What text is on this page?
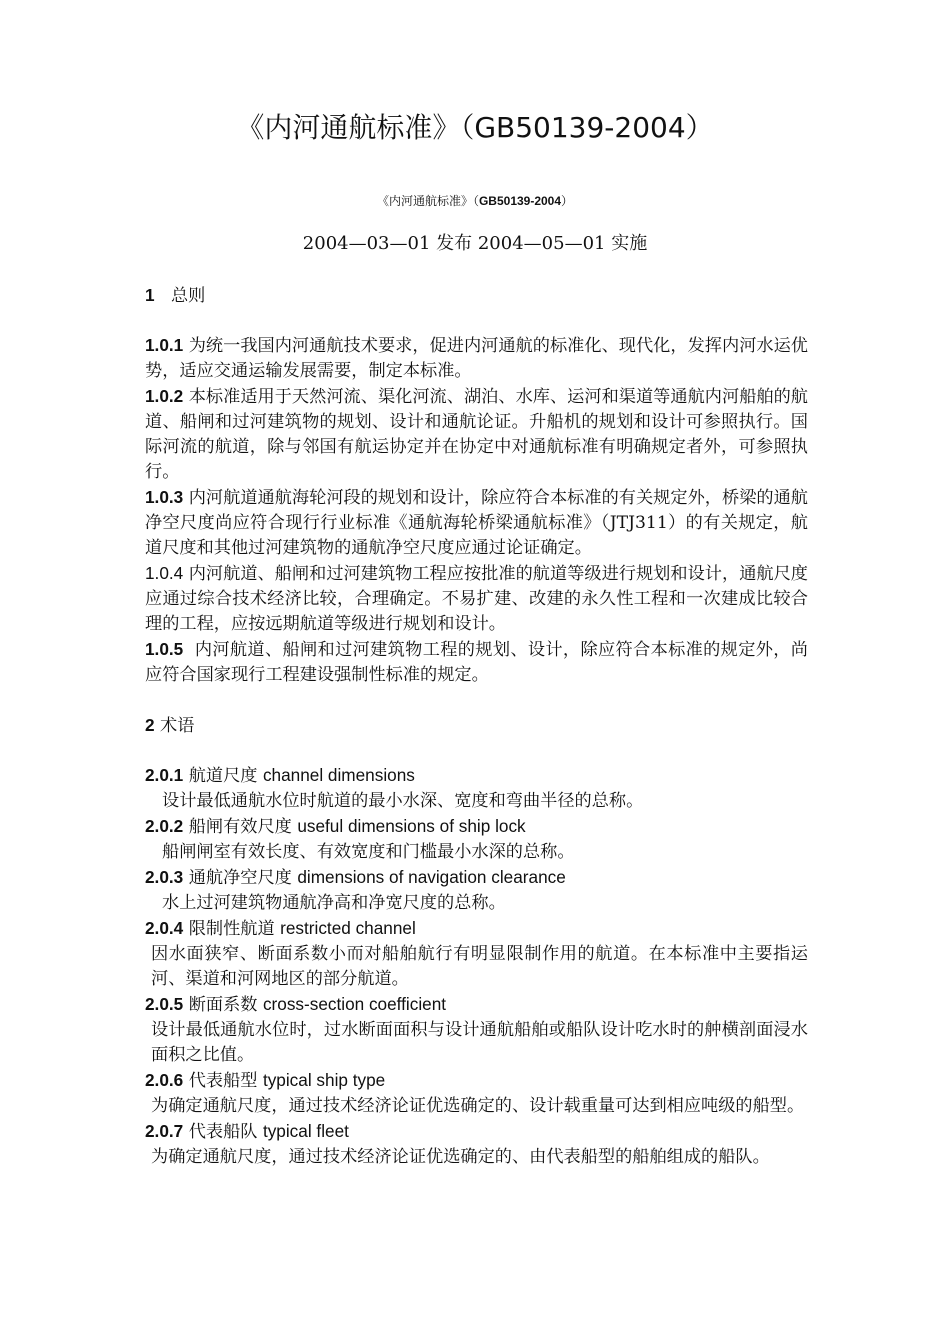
《内河通航标准》（GB50139-2004）
《内河通航标准》（GB50139-2004）
2004—03—01 发布 2004—05—01 实施

1 总则

1.0.1 为统一我国内河通航技术要求，促进内河通航的标准化、现代化，发挥内河水运优势，适应交通运输发展需要，制定本标准。

1.0.2 本标准适用于天然河流、渠化河流、湖泊、水库、运河和渠道等通航内河船舶的航道、船闸和过河建筑物的规划、设计和通航论证。升船机的规划和设计可参照执行。国际河流的航道，除与邻国有航运协定并在协定中对通航标准有明确规定者外，可参照执行。

1.0.3 内河航道通航海轮河段的规划和设计，除应符合本标准的有关规定外，桥梁的通航净空尺度尚应符合现行行业标准《通航海轮桥梁通航标准》（JTJ311）的有关规定，航道尺度和其他过河建筑物的通航净空尺度应通过论证确定。

1.0.4 内河航道、船闸和过河建筑物工程应按批准的航道等级进行规划和设计，通航尺度应通过综合技术经济比较，合理确定。不易扩建、改建的永久性工程和一次建成比较合理的工程，应按远期航道等级进行规划和设计。

1.0.5 内河航道、船闸和过河建筑物工程的规划、设计，除应符合本标准的规定外，尚应符合国家现行工程建设强制性标准的规定。

2 术语

2.0.1 航道尺度 channel dimensions

设计最低通航水位时航道的最小水深、宽度和弯曲半径的总称。

2.0.2 船闸有效尺度 useful dimensions of ship lock

船闸闸室有效长度、有效宽度和门槛最小水深的总称。

2.0.3 通航净空尺度 dimensions of navigation clearance

水上过河建筑物通航净高和净宽尺度的总称。

2.0.4 限制性航道 restricted channel

因水面狭窄、断面系数小而对船舶航行有明显限制作用的航道。在本标准中主要指运河、渠道和河网地区的部分航道。

2.0.5 断面系数 cross-section coefficient

设计最低通航水位时，过水断面面积与设计通航船舶或船队设计吃水时的舯横剖面浸水面积之比值。

2.0.6 代表船型 typical ship type

为确定通航尺度，通过技术经济论证优选确定的、设计载重量可达到相应吨级的船型。

2.0.7 代表船队 typical fleet

为确定通航尺度，通过技术经济论证优选确定的、由代表船型的船舶组成的船队。
